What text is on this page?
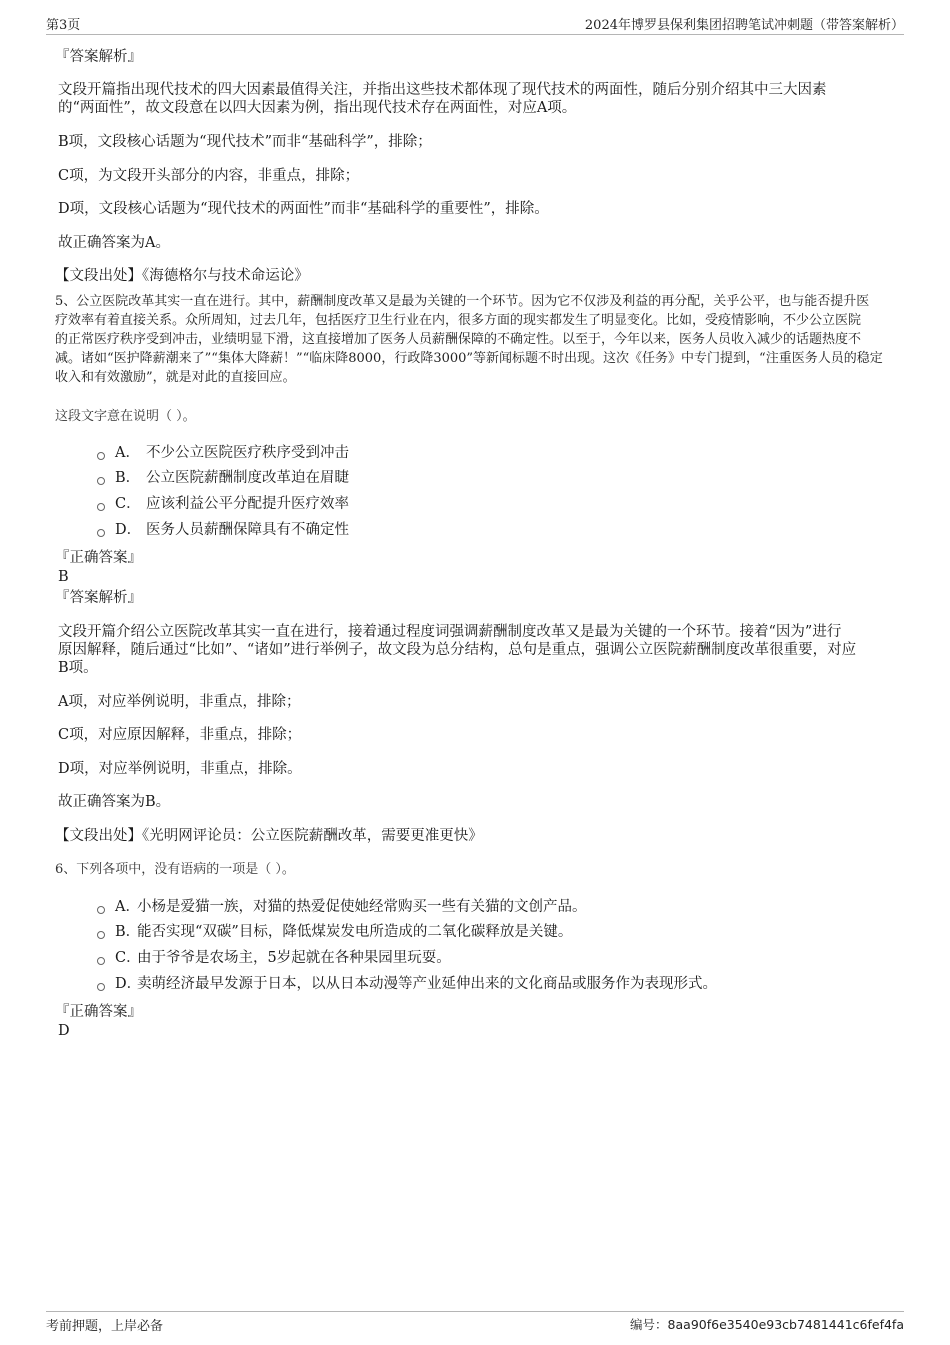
第3页	2024年博罗县保利集团招聘笔试冲刺题（带答案解析）
『答案解析』
文段开篇指出现代技术的四大因素最值得关注，并指出这些技术都体现了现代技术的两面性，随后分别介绍其中三大因素
的“两面性”，故文段意在以四大因素为例，指出现代技术存在两面性，对应A项。
B项，文段核心话题为“现代技术”而非“基础科学”，排除；
C项，为文段开头部分的内容，非重点，排除；
D项，文段核心话题为“现代技术的两面性”而非“基础科学的重要性”，排除。
故正确答案为A。
【文段出处】《海德格尔与技术命运论》
5、公立医院改革其实一直在进行。其中，薪酬制度改革又是最为关键的一个环节。因为它不仅涉及利益的再分配，关乎公平，也与能否提升医
疗效率有着直接关系。众所周知，过去几年，包括医疗卫生行业在内，很多方面的现实都发生了明显变化。比如，受疫情影响，不少公立医院
的正常医疗秩序受到冲击，业绩明显下滑，这直接增加了医务人员薪酬保障的不确定性。以至于，今年以来，医务人员收入减少的话题热度不
减。诸如“医护降薪潮来了”“集体大降薪！”“临床降8000，行政降3000”等新闻标题不时出现。这次《任务》中专门提到，“注重医务人员的稳定
收入和有效激励”，就是对此的直接回应。
这段文字意在说明（ ）。
A． 不少公立医院医疗秩序受到冲击
B． 公立医院薪酬制度改革迫在眉睫
C． 应该利益公平分配提升医疗效率
D． 医务人员薪酬保障具有不确定性
『正确答案』
B
『答案解析』
文段开篇介绍公立医院改革其实一直在进行，接着通过程度词强调薪酬制度改革又是最为关键的一个环节。接着“因为”进行
原因解释，随后通过“比如”、“诸如”进行举例子，故文段为总分结构，总句是重点，强调公立医院薪酬制度改革很重要，对应
B项。
A项，对应举例说明，非重点，排除；
C项，对应原因解释，非重点，排除；
D项，对应举例说明，非重点，排除。
故正确答案为B。
【文段出处】《光明网评论员：公立医院薪酬改革，需要更准更快》
6、下列各项中，没有语病的一项是（ ）。
A．小杨是爱猫一族，对猫的热爱促使她经常购买一些有关猫的文创产品。
B．能否实现“双碳”目标，降低煤炭发电所造成的二氧化碳释放是关键。
C．由于爷爷是农场主，5岁起就在各种果园里玩耍。
D．卖萌经济最早发源于日本，以从日本动漫等产业延伸出来的文化商品或服务作为表现形式。
『正确答案』
D
考前押题，上岸必备	编号：8aa90f6e3540e93cb7481441c6fef4fa
